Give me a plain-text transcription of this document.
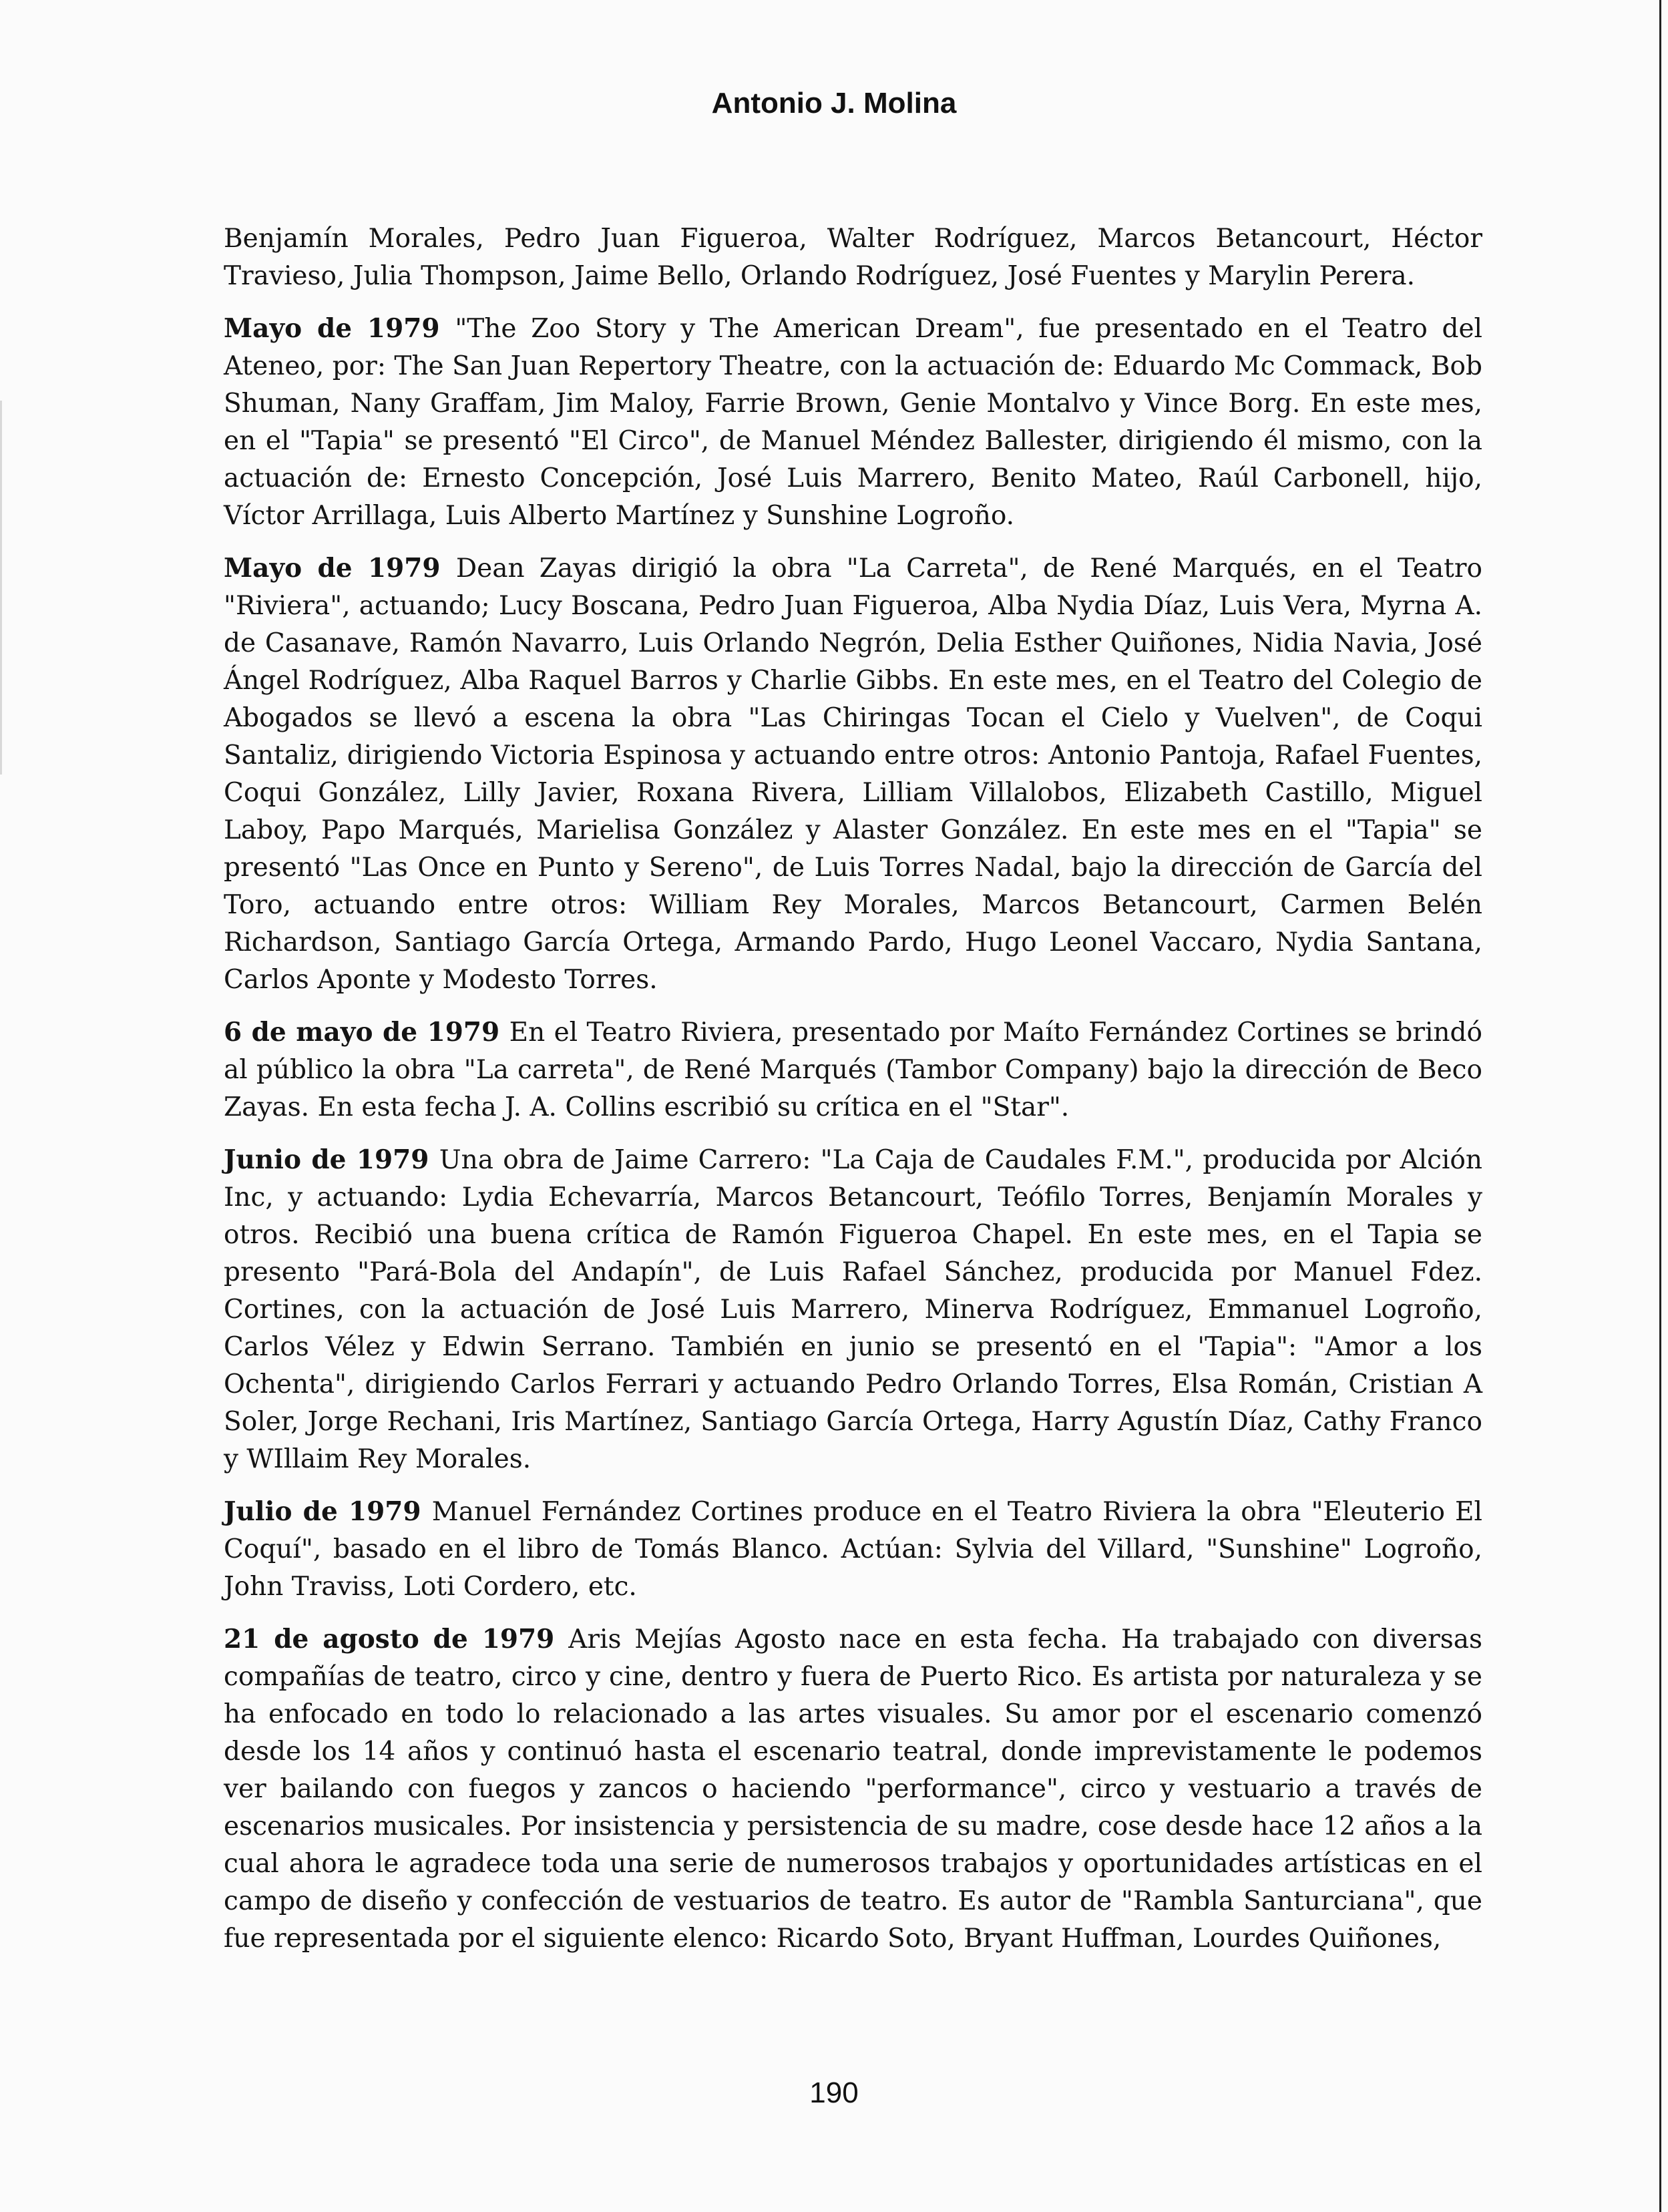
Antonio J. Molina

Benjamín Morales, Pedro Juan Figueroa, Walter Rodríguez, Marcos Betancourt, Héctor Travieso, Julia Thompson, Jaime Bello, Orlando Rodríguez, José Fuentes y Marylin Perera.

Mayo de 1979 "The Zoo Story y The American Dream", fue presentado en el Teatro del Ateneo, por: The San Juan Repertory Theatre, con la actuación de: Eduardo Mc Commack, Bob Shuman, Nany Graffam, Jim Maloy, Farrie Brown, Genie Montalvo y Vince Borg. En este mes, en el "Tapia" se presentó "El Circo", de Manuel Méndez Ballester, dirigiendo él mismo, con la actuación de: Ernesto Concepción, José Luis Marrero, Benito Mateo, Raúl Carbonell, hijo, Víctor Arrillaga, Luis Alberto Martínez y Sunshine Logroño.

Mayo de 1979 Dean Zayas dirigió la obra "La Carreta", de René Marqués, en el Teatro "Riviera", actuando; Lucy Boscana, Pedro Juan Figueroa, Alba Nydia Díaz, Luis Vera, Myrna A. de Casanave, Ramón Navarro, Luis Orlando Negrón, Delia Esther Quiñones, Nidia Navia, José Ángel Rodríguez, Alba Raquel Barros y Charlie Gibbs. En este mes, en el Teatro del Colegio de Abogados se llevó a escena la obra "Las Chiringas Tocan el Cielo y Vuelven", de Coqui Santaliz, dirigiendo Victoria Espinosa y actuando entre otros: Antonio Pantoja, Rafael Fuentes, Coqui González, Lilly Javier, Roxana Rivera, Lilliam Villalobos, Elizabeth Castillo, Miguel Laboy, Papo Marqués, Marielisa González y Alaster González. En este mes en el "Tapia" se presentó "Las Once en Punto y Sereno", de Luis Torres Nadal, bajo la dirección de García del Toro, actuando entre otros: William Rey Morales, Marcos Betancourt, Carmen Belén Richardson, Santiago García Ortega, Armando Pardo, Hugo Leonel Vaccaro, Nydia Santana, Carlos Aponte y Modesto Torres.

6 de mayo de 1979 En el Teatro Riviera, presentado por Maíto Fernández Cortines se brindó al público la obra "La carreta", de René Marqués (Tambor Company) bajo la dirección de Beco Zayas. En esta fecha J. A. Collins escribió su crítica en el "Star".

Junio de 1979 Una obra de Jaime Carrero: "La Caja de Caudales F.M.", producida por Alción Inc, y actuando: Lydia Echevarría, Marcos Betancourt, Teófilo Torres, Benjamín Morales y otros. Recibió una buena crítica de Ramón Figueroa Chapel. En este mes, en el Tapia se presento "Pará-Bola del Andapín", de Luis Rafael Sánchez, producida por Manuel Fdez. Cortines, con la actuación de José Luis Marrero, Minerva Rodríguez, Emmanuel Logroño, Carlos Vélez y Edwin Serrano. También en junio se presentó en el 'Tapia": "Amor a los Ochenta", dirigiendo Carlos Ferrari y actuando Pedro Orlando Torres, Elsa Román, Cristian A Soler, Jorge Rechani, Iris Martínez, Santiago García Ortega, Harry Agustín Díaz, Cathy Franco y WIllaim Rey Morales.

Julio de 1979 Manuel Fernández Cortines produce en el Teatro Riviera la obra "Eleuterio El Coquí", basado en el libro de Tomás Blanco. Actúan: Sylvia del Villard, "Sunshine" Logroño, John Traviss, Loti Cordero, etc.

21 de agosto de 1979 Aris Mejías Agosto nace en esta fecha. Ha trabajado con diversas compañías de teatro, circo y cine, dentro y fuera de Puerto Rico. Es artista por naturaleza y se ha enfocado en todo lo relacionado a las artes visuales. Su amor por el escenario comenzó desde los 14 años y continuó hasta el escenario teatral, donde imprevistamente le podemos ver bailando con fuegos y zancos o haciendo "performance", circo y vestuario a través de escenarios musicales. Por insistencia y persistencia de su madre, cose desde hace 12 años a la cual ahora le agradece toda una serie de numerosos trabajos y oportunidades artísticas en el campo de diseño y confección de vestuarios de teatro. Es autor de "Rambla Santurciana", que fue representada por el siguiente elenco: Ricardo Soto, Bryant Huffman, Lourdes Quiñones,

190
